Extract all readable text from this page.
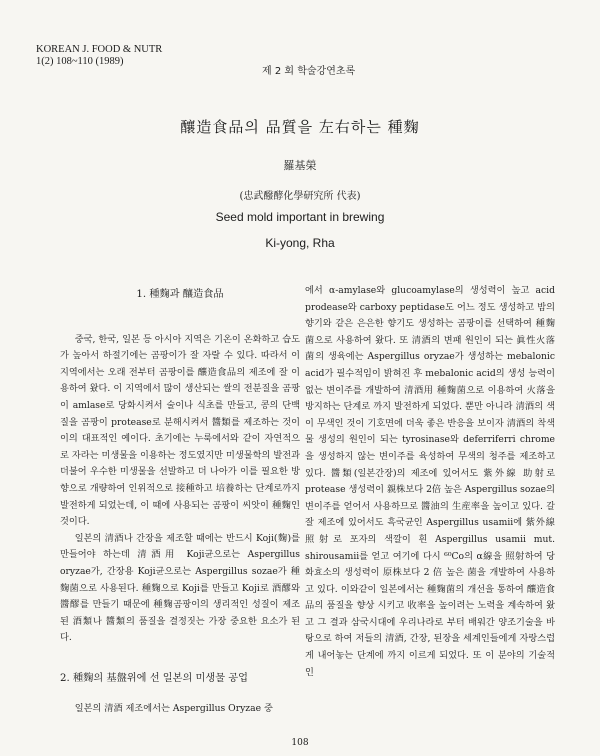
KOREAN J. FOOD & NUTR
1(2) 108~110 (1989)
제 2 회 학술강연초록
釀造食品의 品質을 左右하는 種麴
羅基榮
(忠武醱酵化學研究所 代表)
Seed mold important in brewing
Ki-yong, Rha

1. 種麴과 釀造食品

중국, 한국, 일본 등 아시아 지역은 기온이 온화하고 습도가 높아서 하절기에는 곰팡이가 잘 자랄 수 있다. 따라서 이 지역에서는 오래 전부터 곰팡이를 釀造食品의 제조에 잘 이용하여 왔다. 이 지역에서 많이 생산되는 쌀의 전분질을 곰팡이 amlase로 당화시켜서 술이나 식초를 만들고, 콩의 단백질을 곰팡이 protease로 분해시켜서 醬類를 제조하는 것이 이의 대표적인 예이다. 초기에는 누룩에서와 같이 자연적으로 자라는 미생물을 이용하는 정도였지만 미생물학의 발전과 더불어 우수한 미생물을 선발하고 더 나아가 이를 필요한 방향으로 개량하여 인위적으로 接種하고 培養하는 단계로까지 발전하게 되었는데, 이 때에 사용되는 곰팡이 씨앗이 種麴인 것이다.

일본의 清酒나 간장을 제조할 때에는 반드시 Koji(麴)를 만들어야 하는데 清酒用 Koji균으로는 Aspergillus oryzae가, 간장용 Koji균으로는 Aspergillus sozae가 種麴菌으로 사용된다. 種麴으로 Koji를 만들고 Koji로 酒醪와 醬醪를 만들기 때문에 種麴곰팡이의 생리적인 성질이 제조된 酒類나 醬類의 품질을 결정짓는 가장 중요한 요소가 된다.

2. 種麴의 基盤위에 선 일본의 미생물 공업

일본의 清酒 제조에서는 Aspergillus Oryzae 중

에서 α-amylase와 glucoamylase의 생성력이 높고 acid prodease와 carboxy peptidase도 어느 정도 생성하고 밤의 향기와 같은 은은한 향기도 생성하는 곰팡이를 선택하여 種麴菌으로 사용하여 왔다. 또 清酒의 변패 원인이 되는 眞性火落菌의 생육에는 Aspergillus oryzae가 생성하는 mebalonic acid가 필수적임이 밝혀진 후 mebalonic acid의 생성 능력이 없는 변이주를 개발하여 清酒用 種麴菌으로 이용하여 火落을 방지하는 단계로 까지 발전하게 되었다. 뿐만 아니라 清酒의 색이 무색인 것이 기호면에 더욱 좋은 반응을 보이자 清酒의 착색물 생성의 원인이 되는 tyrosinase와 deferriferri chrome을 생성하지 않는 변이주를 육성하여 무색의 청주를 제조하고 있다. 醬類(일본간장)의 제조에 있어서도 紫外線 助射로 protease 생성력이 親株보다 2倍 높은 Aspergillus sozae의 변이주를 얻어서 사용하므로 醬油의 生産率을 높이고 있다. 갈잘 제조에 있어서도 흑국균인 Aspergillus usamii에 紫外線 照射로 포자의 색깔이 흰 Aspergillus usamii mut. shirousamii를 얻고 여기에 다시 ⁶⁰Co의 α線을 照射하여 당화효소의 생성력이 原株보다 2 倍 높은 菌을 개발하여 사용하고 있다. 이와같이 일본에서는 種麴菌의 개선을 통하여 釀造食品의 품질을 향상 시키고 收率을 높이려는 노력을 계속하여 왔고 그 결과 삼국시대에 우리나라로 부터 배워간 양조기술을 바탕으로 하여 저들의 清酒, 간장, 된장을 세계인들에게 자랑스럽게 내어놓는 단계에 까지 이르게 되었다. 또 이 분야의 기술적인

108
